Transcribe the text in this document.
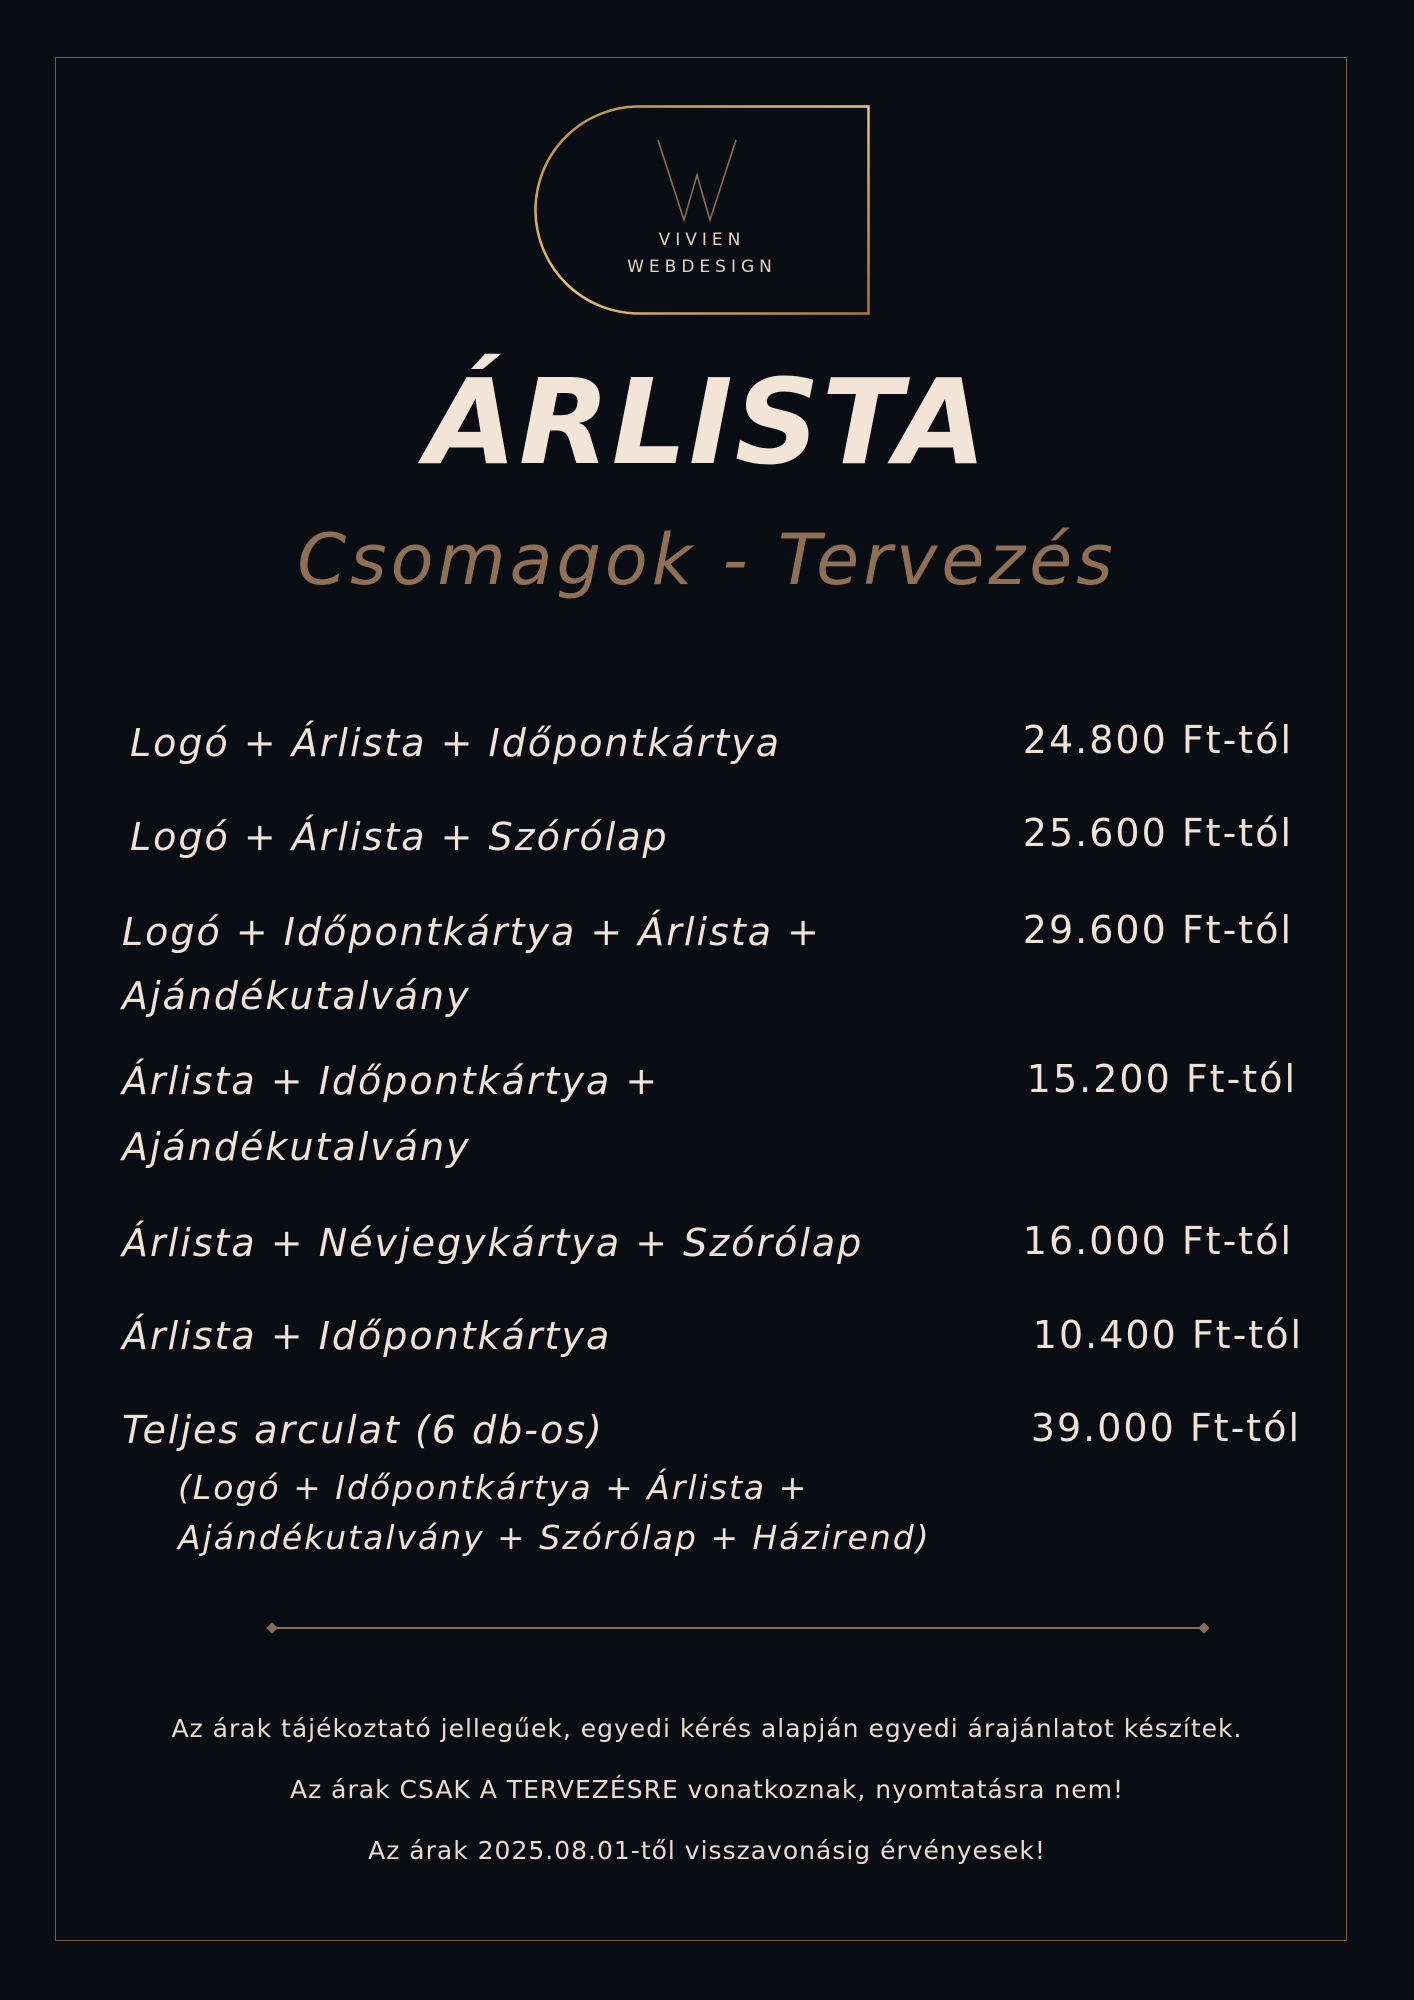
VIVIEN
WEBDESIGN
ÁRLISTA
Csomagok - Tervezés
Logó + Árlista + Időpontkártya	24.800 Ft-tól
Logó + Árlista + Szórólap	25.600 Ft-tól
Logó + Időpontkártya + Árlista +
Ajándékutalvány
29.600 Ft-tól
Árlista + Időpontkártya +
Ajándékutalvány
15.200 Ft-tól
Árlista + Névjegykártya + Szórólap	16.000 Ft-tól
Árlista + Időpontkártya	10.400 Ft-tól
Teljes arculat (6 db-os)	39.000 Ft-tól
(Logó + Időpontkártya + Árlista +
Ajándékutalvány + Szórólap + Házirend)
Az árak tájékoztató jellegűek, egyedi kérés alapján egyedi árajánlatot készítek.
Az árak CSAK A TERVEZÉSRE vonatkoznak, nyomtatásra nem!
Az árak 2025.08.01-től visszavonásig érvényesek!
